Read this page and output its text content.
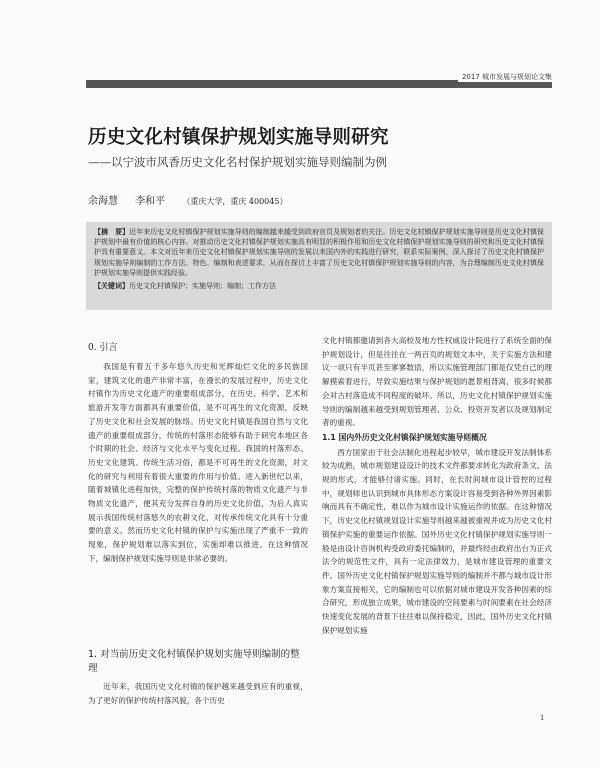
2017 城市发展与规划论文集
历史文化村镇保护规划实施导则研究
——以宁波市风香历史文化名村保护规划实施导则编制为例
余海慧 李和平 （重庆大学，重庆 400045）

【摘　要】近年来历史文化村镇保护规划实施导则的编制越来越受到政府官员及规划者的关注。历史文化村镇保护规划实施导则是历史文化村镇保护规划中最有价值的核心内容。对推动历史文化村镇保护规划实施具有明显的积极作用和历史文化村镇保护规划实施导则的研究和历史文化村镇保护具有重要意义。本文对近年来历史文化村镇保护规划实施导则的发展以来国内外的实践进行研究，联系实际案例，深入探讨了历史文化村镇保护规划实施导则编制的工作方法、特色、编制和表述要求，从而在探讨上丰富了历史文化村镇保护规划实施导则的内容，为合理编制历史文化村镇保护规划实施导则提供实践经验。

【关键词】历史文化村镇保护；实施导则；编制；工作方法

0. 引言

我国是有着五千多年悠久历史和光辉灿烂文化的多民族国家，建筑文化的遗产非常丰富，在漫长的发展过程中，历史文化村镇作为历史文化遗产的重要组成部分，在历史、科学、艺术和旅游开发等方面都具有重要价值，是不可再生的文化资源，反映了历史文化和社会发展的脉络。历史文化村镇是我国自然与文化遗产的重要组成部分，传统的村落形态能够有助于研究本地区各个时期的社会、经济与文化水平与变化过程。我国的村落形态、历史文化建筑、传统生活习俗，都是不可再生的文化资源，对文化的研究与利用有着很大重要的作用与价值。进入新世纪以来，随着城镇化进程加快，完整的保护传统村落的物质文化遗产与非物质文化遗产，便其充分发挥自身的历史文化价值，为后人真实展示我国传统村落悠久的农耕文化，对传承传统文化具有十分重要的意义。然而历史文化村镇的保护与实施出现了严重不一致的现象，保护规划难以落实到位，实施却难以推进。在这种情况下，编制保护规划实施导则是非常必要的。

1. 对当前历史文化村镇保护规划实施导则编制的整理

近年来，我国历史文化村镇的保护越来越受到应有的重视，为了更好的保护传统村落风貌，各个历史

文化村镇都邀请到各大高校及地方性权威设计院进行了系统全面的保护规划设计，但是往往在一两百页的规划文本中，关于实施方法和建议一项只有半页甚至寥寥数语，所以实施管理部门都是仅凭自己的理解摸索着进行，导致实施结果与保护规划的愿景相背离，很多时候都会对古村落造成不同程度的破坏。所以，历史文化村镇保护规划实施导则的编制越来越受到规划管理者、公众、投资开发者以及规划制定者的重视。

1.1 国内外历史文化村镇保护规划实施导则概况

西方国家由于社会法制化进程起步较早，城市建设开发法制体系较为成熟，城市规划建设设计的技术文件都要求转化为政府条文、法规的形式，才能够付诸实施。同时，在长时间城市设计管控的过程中，规划师也认识到城市具体形态方案设计容易受到各种外界因素影响而具有不确定性，难以作为城市设计实施运作的依据。在这种情况下，历史文化村镇规划设计实施导则越来越被重视并成为历史文化村镇保护实施的重要运作依据。国外历史文化村镇保护规划实施导则一般是由设计咨询机构受政府委托编制的，并最终经由政府出台为正式法令的规范性文件，具有一定法律效力，是城市建设管理的重要文件。国外历史文化村镇保护规划实施导则的编制并不都与城市设计形象方案直接相关，它的编制也可以依据对城市建设开发各种因素的综合研究，形成独立成果，城市建设的空间要素与时间要素在社会经济快速变化发展的背景下往往难以保持稳定，因此，国外历史文化村镇保护规划实施

1
